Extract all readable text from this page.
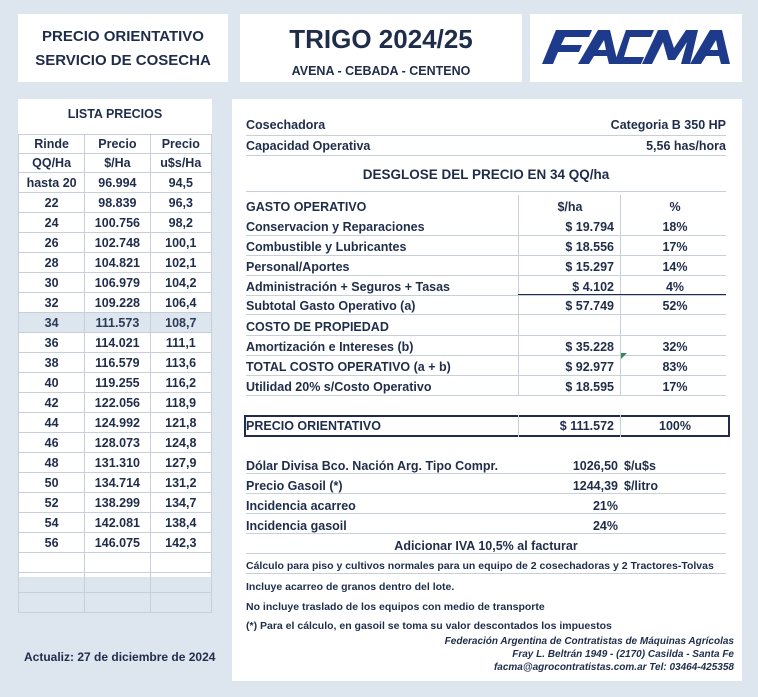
PRECIO ORIENTATIVO
SERVICIO DE COSECHA
TRIGO 2024/25
AVENA - CEBADA - CENTENO
LISTA PRECIOS
Rinde	Precio	Precio
QQ/Ha	$/Ha	u$s/Ha
hasta 20	96.994	94,5
22	98.839	96,3
24	100.756	98,2
26	102.748	100,1
28	104.821	102,1
30	106.979	104,2
32	109.228	106,4
34	111.573	108,7
36	114.021	111,1
38	116.579	113,6
40	119.255	116,2
42	122.056	118,9
44	124.992	121,8
46	128.073	124,8
48	131.310	127,9
50	134.714	131,2
52	138.299	134,7
54	142.081	138,4
56	146.075	142,3

Actualiz: 27 de diciembre de 2024
Cosechadora	Categoria B 350 HP
Capacidad Operativa	5,56 has/hora
DESGLOSE DEL PRECIO EN 34 QQ/ha
GASTO OPERATIVO	$/ha	%
Conservacion y Reparaciones	$ 19.794	18%
Combustible y Lubricantes	$ 18.556	17%
Personal/Aportes	$ 15.297	14%
Administración + Seguros + Tasas	$ 4.102	4%
Subtotal Gasto Operativo (a)	$ 57.749	52%
COSTO DE PROPIEDAD
Amortización e Intereses (b)	$ 35.228	32%
TOTAL COSTO OPERATIVO (a + b)	$ 92.977	83%
Utilidad 20% s/Costo Operativo	$ 18.595	17%
PRECIO ORIENTATIVO	$ 111.572	100%
Dólar Divisa Bco. Nación Arg. Tipo Compr.	1026,50 $/u$s
Precio Gasoil (*)	1244,39 $/litro
Incidencia acarreo	21%
Incidencia gasoil	24%
Adicionar IVA 10,5% al facturar
Cálculo para piso y cultivos normales para un equipo de 2 cosechadoras y 2 Tractores-Tolvas
Incluye acarreo de granos dentro del lote.
No incluye traslado de los equipos con medio de transporte
(*) Para el cálculo, en gasoil se toma su valor descontados los impuestos
Federación Argentina de Contratistas de Máquinas Agrícolas
Fray L. Beltrán 1949 - (2170) Casilda - Santa Fe
facma@agrocontratistas.com.ar Tel: 03464-425358
